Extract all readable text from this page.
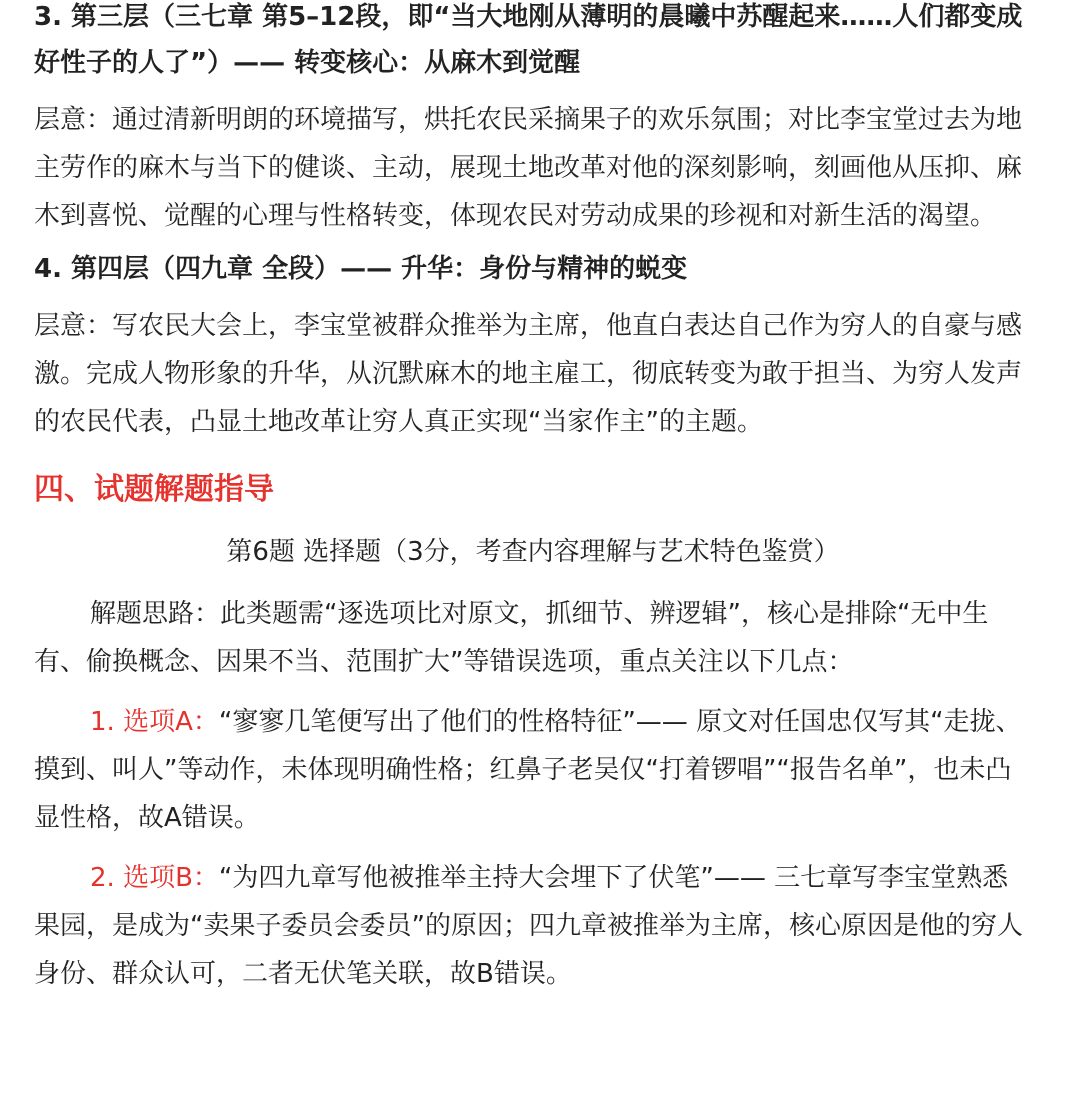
3. 第三层（三七章 第5–12段，即“当大地刚从薄明的晨曦中苏醒起来……人们都变成好性子的人了”）—— 转变核心：从麻木到觉醒

层意：通过清新明朗的环境描写，烘托农民采摘果子的欢乐氛围；对比李宝堂过去为地主劳作的麻木与当下的健谈、主动，展现土地改革对他的深刻影响，刻画他从压抑、麻木到喜悦、觉醒的心理与性格转变，体现农民对劳动成果的珍视和对新生活的渴望。

4. 第四层（四九章 全段）—— 升华：身份与精神的蜕变

层意：写农民大会上，李宝堂被群众推举为主席，他直白表达自己作为穷人的自豪与感激。完成人物形象的升华，从沉默麻木的地主雇工，彻底转变为敢于担当、为穷人发声的农民代表，凸显土地改革让穷人真正实现“当家作主”的主题。

四、试题解题指导

第6题 选择题（3分，考查内容理解与艺术特色鉴赏）

解题思路：此类题需“逐选项比对原文，抓细节、辨逻辑”，核心是排除“无中生有、偷换概念、因果不当、范围扩大”等错误选项，重点关注以下几点：

1. 选项A：“寥寥几笔便写出了他们的性格特征”—— 原文对任国忠仅写其“走拢、摸到、叫人”等动作，未体现明确性格；红鼻子老吴仅“打着锣唱”“报告名单”，也未凸显性格，故A错误。

2. 选项B：“为四九章写他被推举主持大会埋下了伏笔”—— 三七章写李宝堂熟悉果园，是成为“卖果子委员会委员”的原因；四九章被推举为主席，核心原因是他的穷人身份、群众认可，二者无伏笔关联，故B错误。
